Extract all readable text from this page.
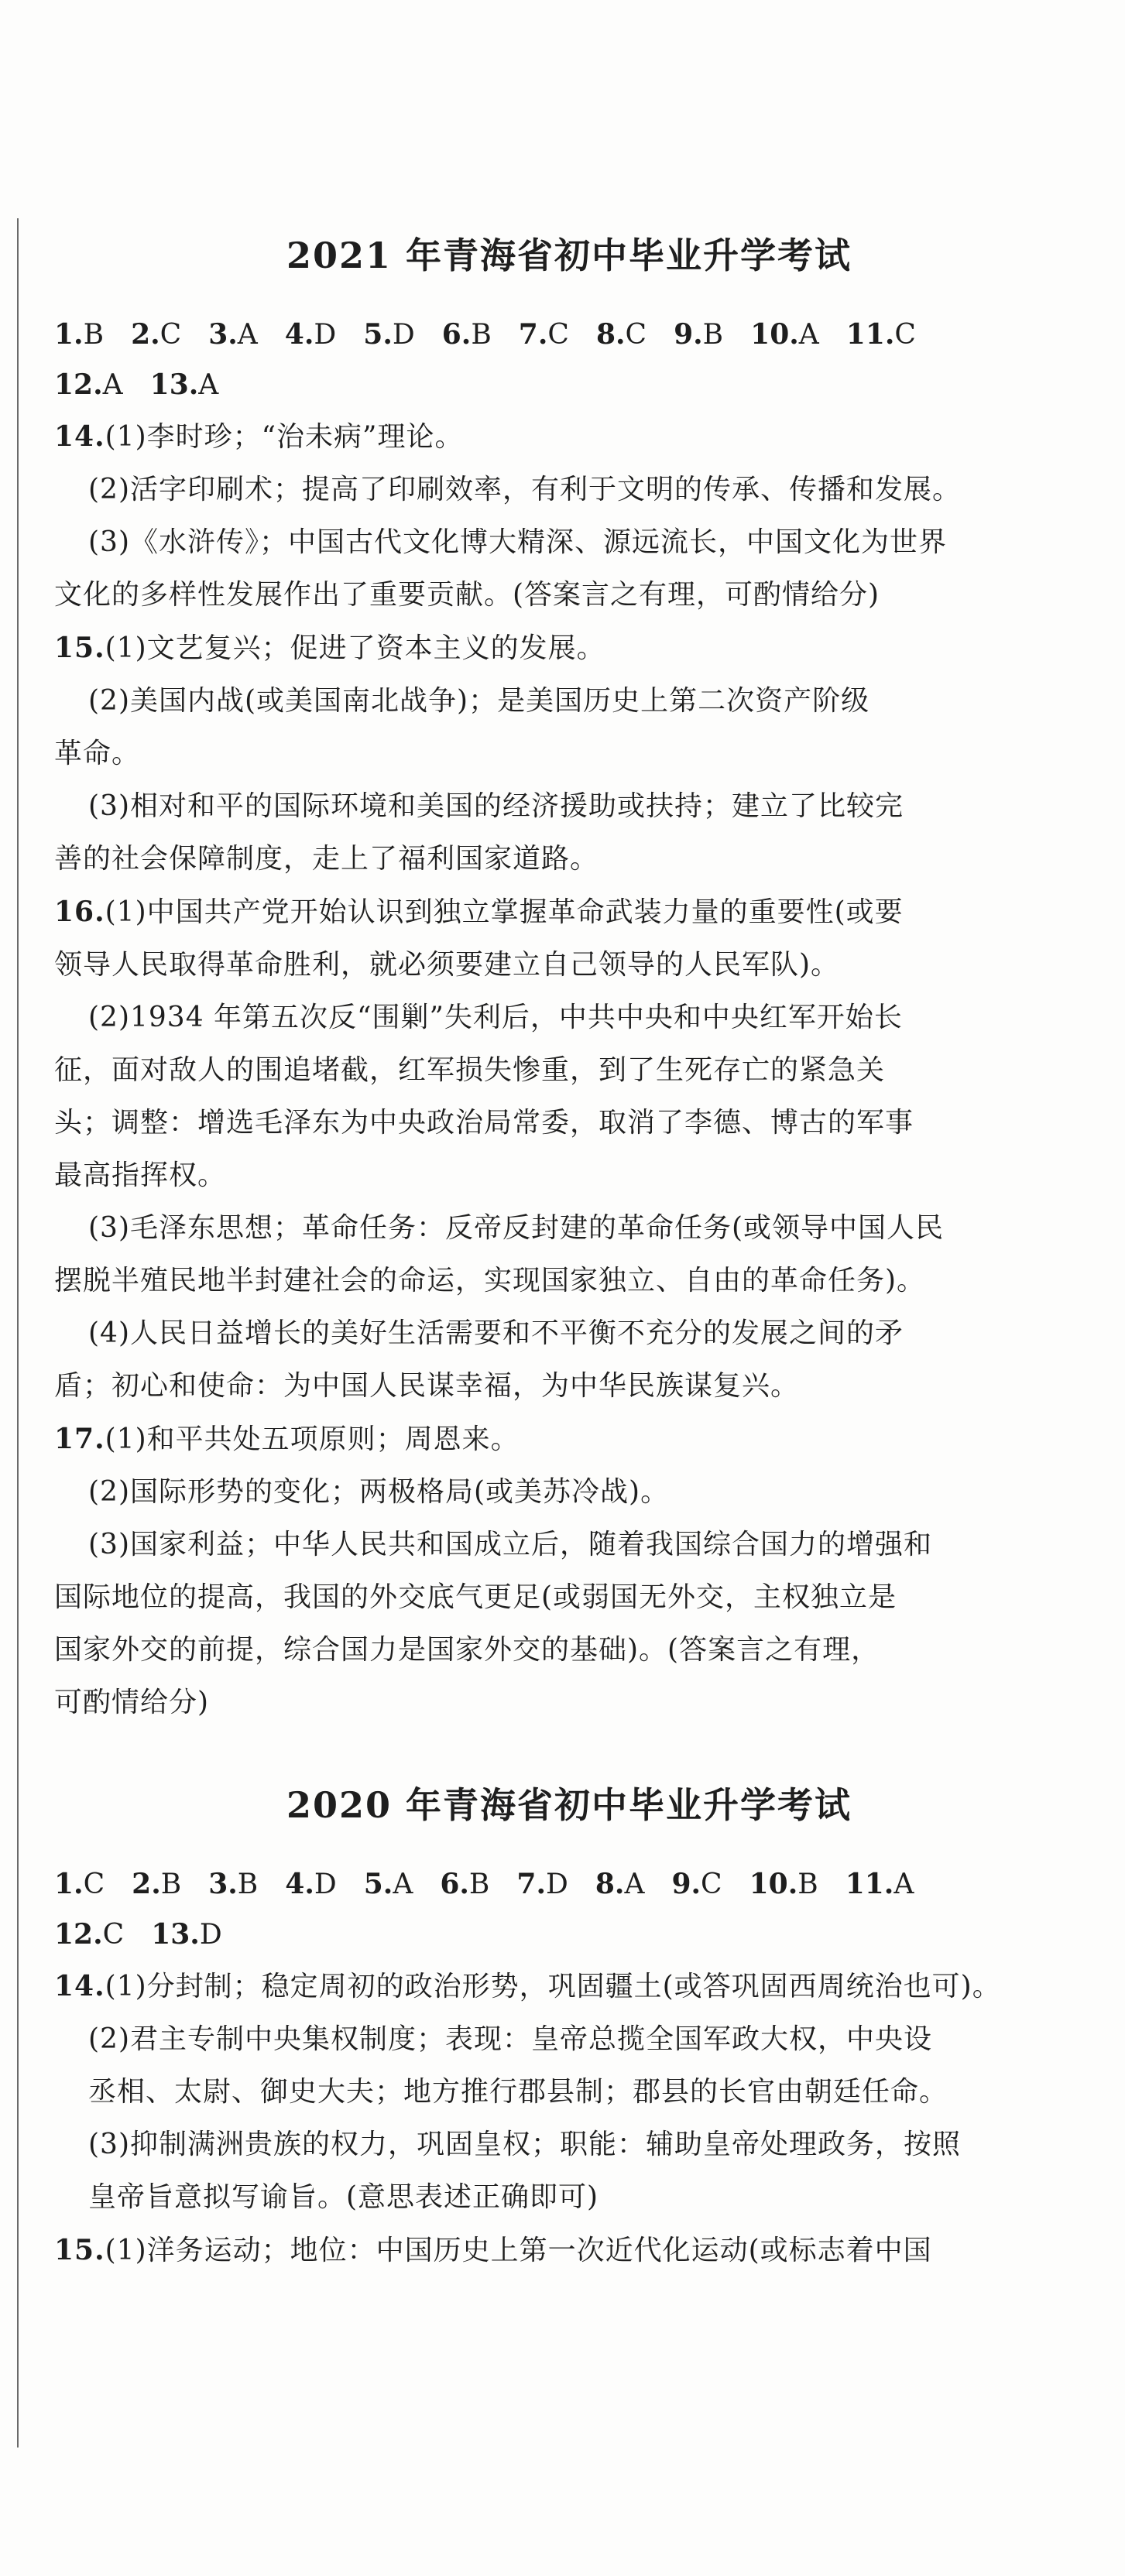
2021 年青海省初中毕业升学考试
1.B 2.C 3.A 4.D 5.D 6.B 7.C 8.C 9.B 10.A 11.C
12.A 13.A
14.(1)李时珍；“治未病”理论。
(2)活字印刷术；提高了印刷效率，有利于文明的传承、传播和发展。
(3)《水浒传》；中国古代文化博大精深、源远流长，中国文化为世界
文化的多样性发展作出了重要贡献。(答案言之有理，可酌情给分)
15.(1)文艺复兴；促进了资本主义的发展。
(2)美国内战(或美国南北战争)；是美国历史上第二次资产阶级
革命。
(3)相对和平的国际环境和美国的经济援助或扶持；建立了比较完
善的社会保障制度，走上了福利国家道路。
16.(1)中国共产党开始认识到独立掌握革命武装力量的重要性(或要
领导人民取得革命胜利，就必须要建立自己领导的人民军队)。
(2)1934 年第五次反“围剿”失利后，中共中央和中央红军开始长
征，面对敌人的围追堵截，红军损失惨重，到了生死存亡的紧急关
头；调整：增选毛泽东为中央政治局常委，取消了李德、博古的军事
最高指挥权。
(3)毛泽东思想；革命任务：反帝反封建的革命任务(或领导中国人民
摆脱半殖民地半封建社会的命运，实现国家独立、自由的革命任务)。
(4)人民日益增长的美好生活需要和不平衡不充分的发展之间的矛
盾；初心和使命：为中国人民谋幸福，为中华民族谋复兴。
17.(1)和平共处五项原则；周恩来。
(2)国际形势的变化；两极格局(或美苏冷战)。
(3)国家利益；中华人民共和国成立后，随着我国综合国力的增强和
国际地位的提高，我国的外交底气更足(或弱国无外交，主权独立是
国家外交的前提，综合国力是国家外交的基础)。(答案言之有理，
可酌情给分)
2020 年青海省初中毕业升学考试
1.C 2.B 3.B 4.D 5.A 6.B 7.D 8.A 9.C 10.B 11.A
12.C 13.D
14.(1)分封制；稳定周初的政治形势，巩固疆土(或答巩固西周统治也可)。
(2)君主专制中央集权制度；表现：皇帝总揽全国军政大权，中央设
丞相、太尉、御史大夫；地方推行郡县制；郡县的长官由朝廷任命。
(3)抑制满洲贵族的权力，巩固皇权；职能：辅助皇帝处理政务，按照
皇帝旨意拟写谕旨。(意思表述正确即可)
15.(1)洋务运动；地位：中国历史上第一次近代化运动(或标志着中国
